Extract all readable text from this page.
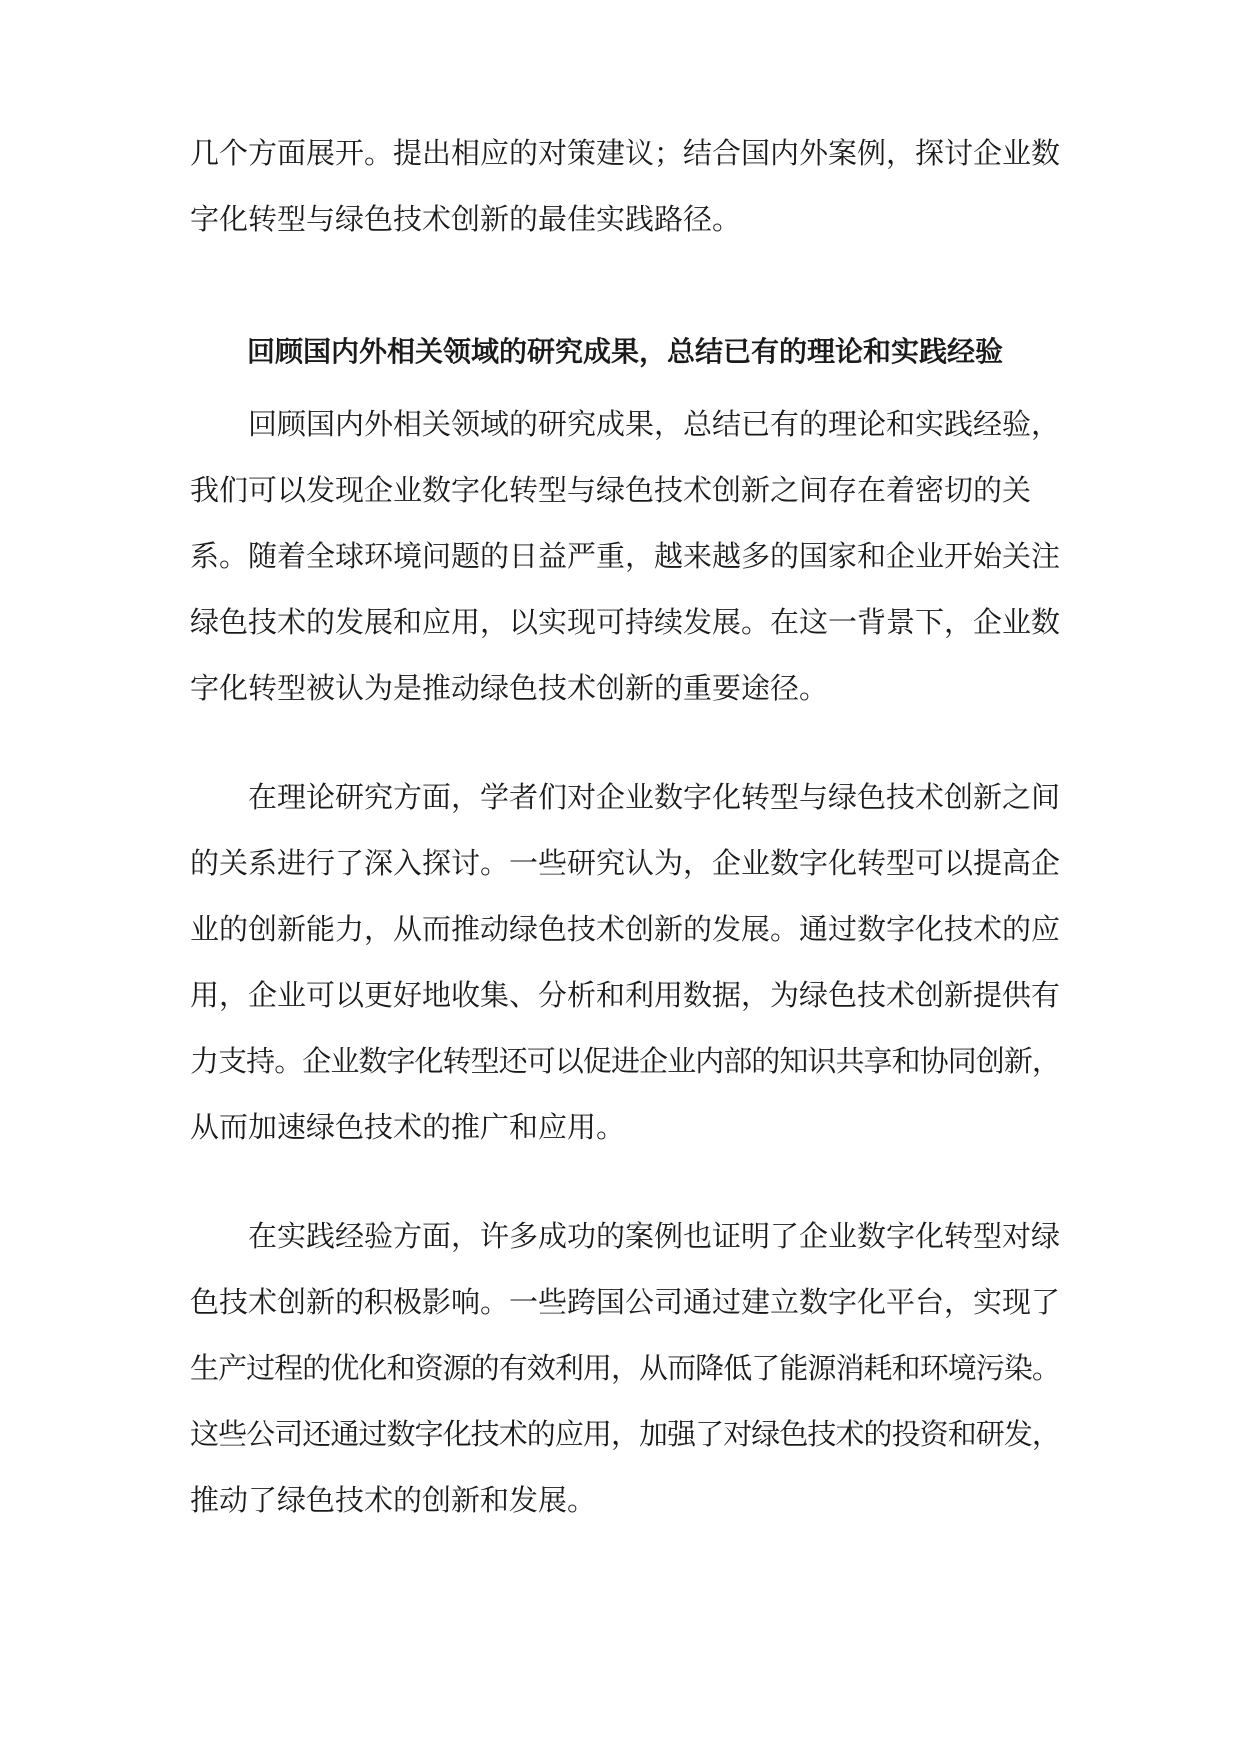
几个方面展开。提出相应的对策建议；结合国内外案例，探讨企业数
字化转型与绿色技术创新的最佳实践路径。
回顾国内外相关领域的研究成果，总结已有的理论和实践经验
回顾国内外相关领域的研究成果，总结已有的理论和实践经验，
我们可以发现企业数字化转型与绿色技术创新之间存在着密切的关
系。随着全球环境问题的日益严重，越来越多的国家和企业开始关注
绿色技术的发展和应用，以实现可持续发展。在这一背景下，企业数
字化转型被认为是推动绿色技术创新的重要途径。
在理论研究方面，学者们对企业数字化转型与绿色技术创新之间
的关系进行了深入探讨。一些研究认为，企业数字化转型可以提高企
业的创新能力，从而推动绿色技术创新的发展。通过数字化技术的应
用，企业可以更好地收集、分析和利用数据，为绿色技术创新提供有
力支持。企业数字化转型还可以促进企业内部的知识共享和协同创新，
从而加速绿色技术的推广和应用。
在实践经验方面，许多成功的案例也证明了企业数字化转型对绿
色技术创新的积极影响。一些跨国公司通过建立数字化平台，实现了
生产过程的优化和资源的有效利用，从而降低了能源消耗和环境污染。
这些公司还通过数字化技术的应用，加强了对绿色技术的投资和研发，
推动了绿色技术的创新和发展。
